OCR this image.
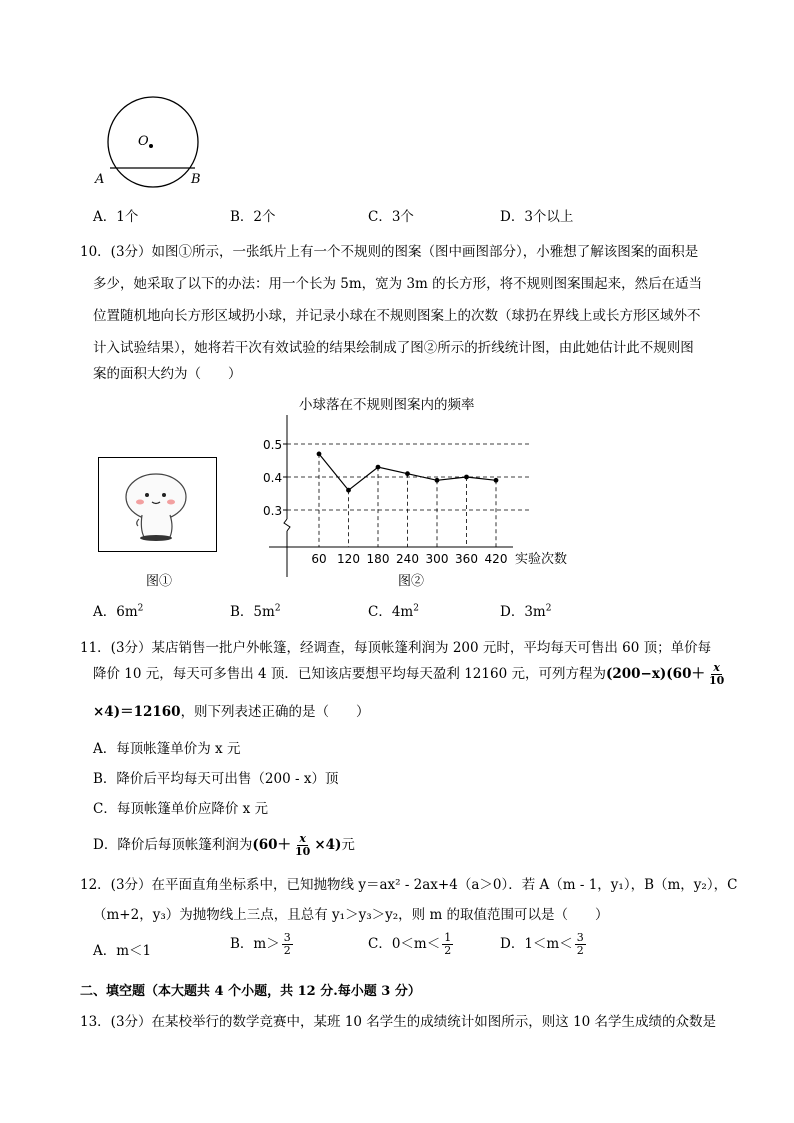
O
A	B
A．1个	B．2个	C．3个	D．3个以上
10．(3分）如图①所示，一张纸片上有一个不规则的图案（图中画图部分），小雅想了解该图案的面积是
多少，她采取了以下的办法：用一个长为 5m，宽为 3m 的长方形，将不规则图案围起来，然后在适当
位置随机地向长方形区域扔小球，并记录小球在不规则图案上的次数（球扔在界线上或长方形区域外不
计入试验结果），她将若干次有效试验的结果绘制成了图②所示的折线统计图，由此她估计此不规则图
案的面积大约为（　　）
图①
小球落在不规则图案内的频率
0.3
0.4
0.5
60 120 180 240 300 360 420 实验次数
图②
A．$6m^2$	B．$5m^2$	C．$4m^2$	D．$3m^2$
11．(3分）某店销售一批户外帐篷，经调查，每顶帐篷利润为 200 元时，平均每天可售出 60 顶；单价每
降价 10 元，每天可多售出 4 顶．已知该店要想平均每天盈利 12160 元，可列方程为$(200-x)(60+ \frac{x}{10}$
×4)＝12160，则下列表述正确的是（　　）
A．每顶帐篷单价为 x 元
B．降价后平均每天可出售（200 - x）顶
C．每顶帐篷单价应降价 x 元
D．降价后每顶帐篷利润为$(60+ \frac{x}{10} \times 4)$元
12．(3分）在平面直角坐标系中，已知抛物线 y＝ax² - 2ax+4（a＞0）．若 A（m - 1，y₁），B（m，y₂），C
（m+2，y₃）为抛物线上三点，且总有 y₁＞y₃＞y₂，则 m 的取值范围可以是（　　）
A．m＜1	B．$m> \frac{3}{2}$	C．$0<m< \frac{1}{2}$	D．$1<m< \frac{3}{2}$
二、填空题（本大题共 4 个小题，共 12 分.每小题 3 分）
13．(3分）在某校举行的数学竞赛中，某班 10 名学生的成绩统计如图所示，则这 10 名学生成绩的众数是
